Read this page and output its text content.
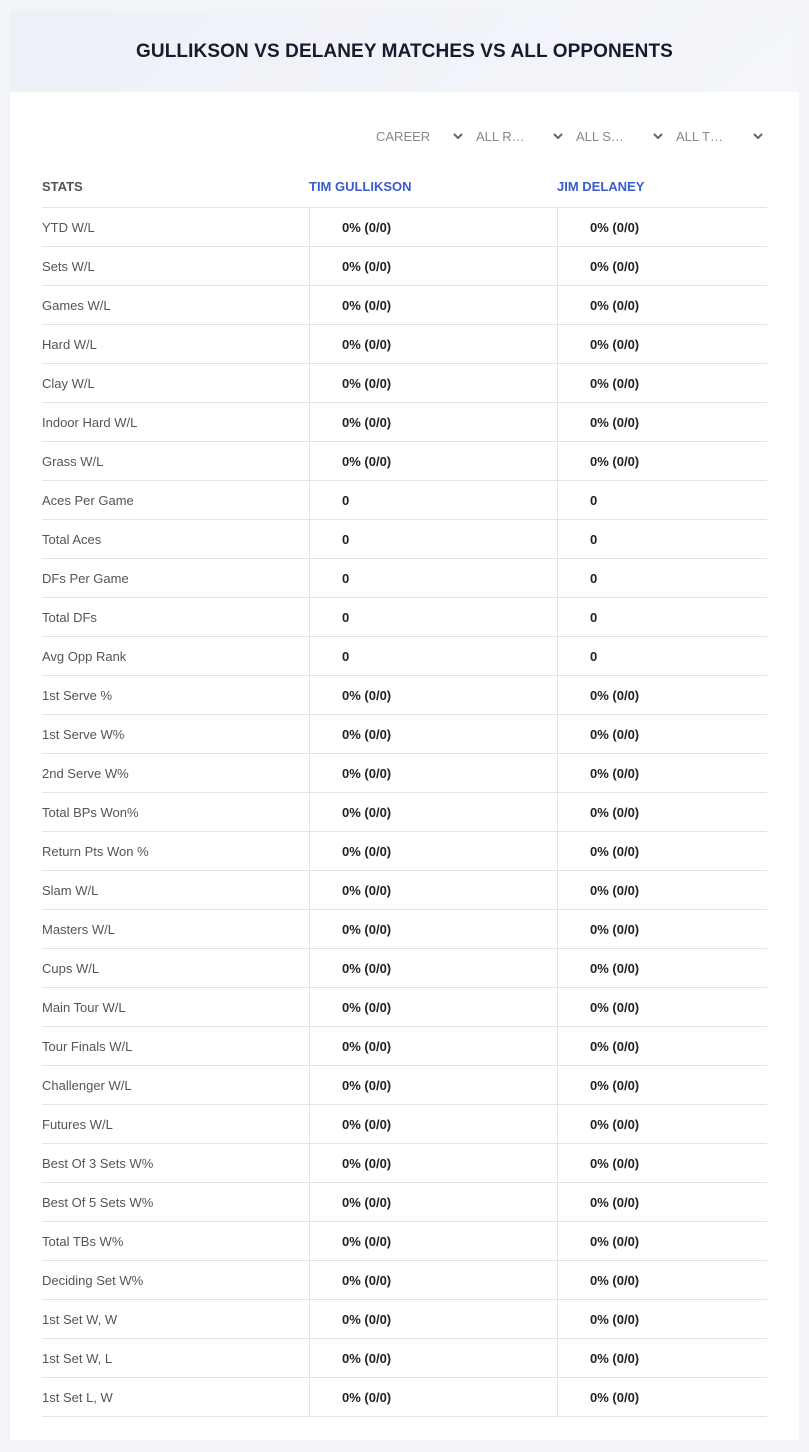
GULLIKSON VS DELANEY MATCHES VS ALL OPPONENTS
CAREER	ALL R…	ALL S…	ALL T…
STATS	TIM GULLIKSON	JIM DELANEY
YTD W/L	0% (0/0)	0% (0/0)
Sets W/L	0% (0/0)	0% (0/0)
Games W/L	0% (0/0)	0% (0/0)
Hard W/L	0% (0/0)	0% (0/0)
Clay W/L	0% (0/0)	0% (0/0)
Indoor Hard W/L	0% (0/0)	0% (0/0)
Grass W/L	0% (0/0)	0% (0/0)
Aces Per Game	0	0
Total Aces	0	0
DFs Per Game	0	0
Total DFs	0	0
Avg Opp Rank	0	0
1st Serve %	0% (0/0)	0% (0/0)
1st Serve W%	0% (0/0)	0% (0/0)
2nd Serve W%	0% (0/0)	0% (0/0)
Total BPs Won%	0% (0/0)	0% (0/0)
Return Pts Won %	0% (0/0)	0% (0/0)
Slam W/L	0% (0/0)	0% (0/0)
Masters W/L	0% (0/0)	0% (0/0)
Cups W/L	0% (0/0)	0% (0/0)
Main Tour W/L	0% (0/0)	0% (0/0)
Tour Finals W/L	0% (0/0)	0% (0/0)
Challenger W/L	0% (0/0)	0% (0/0)
Futures W/L	0% (0/0)	0% (0/0)
Best Of 3 Sets W%	0% (0/0)	0% (0/0)
Best Of 5 Sets W%	0% (0/0)	0% (0/0)
Total TBs W%	0% (0/0)	0% (0/0)
Deciding Set W%	0% (0/0)	0% (0/0)
1st Set W, W	0% (0/0)	0% (0/0)
1st Set W, L	0% (0/0)	0% (0/0)
1st Set L, W	0% (0/0)	0% (0/0)
